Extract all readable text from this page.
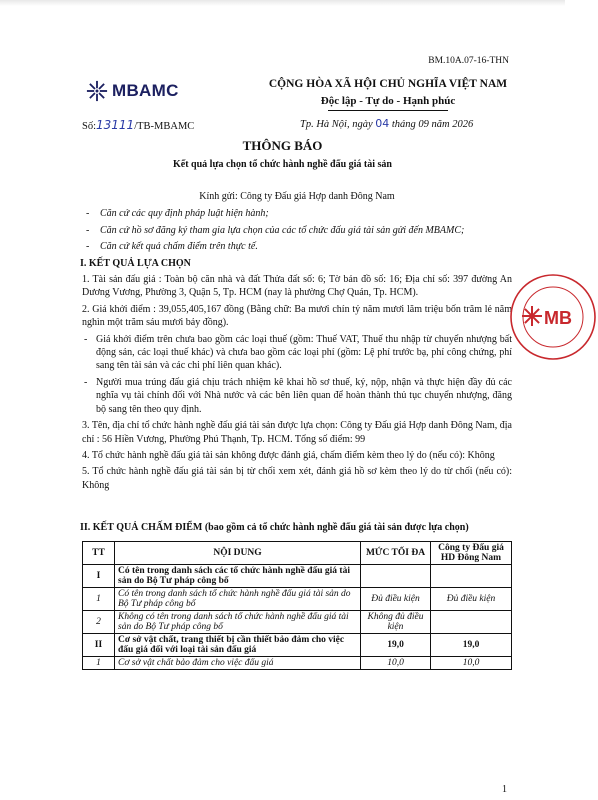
BM.10A.07-16-THN
MBAMC	CỘNG HÒA XÃ HỘI CHỦ NGHĨA VIỆT NAM
Độc lập - Tự do - Hạnh phúc
Số:13111/TB-MBAMC	Tp. Hà Nội, ngày 04 tháng 09 năm 2026
THÔNG BÁO
Kết quả lựa chọn tổ chức hành nghề đấu giá tài sản
Kính gửi: Công ty Đấu giá Hợp danh Đông Nam
- Căn cứ các quy định pháp luật hiện hành;
- Căn cứ hồ sơ đăng ký tham gia lựa chọn của các tổ chức đấu giá tài sản gửi đến MBAMC;
- Căn cứ kết quả chấm điểm trên thực tế.
I. KẾT QUẢ LỰA CHỌN

1. Tài sản đấu giá : Toàn bộ căn nhà và đất Thửa đất số: 6; Tờ bản đồ số: 16; Địa chỉ số: 397 đường An Dương Vương, Phường 3, Quận 5, Tp. HCM (nay là phường Chợ Quán, Tp. HCM).

2. Giá khởi điểm : 39,055,405,167 đồng (Bằng chữ: Ba mươi chín tỷ năm mươi lăm triệu bốn trăm lẻ năm nghìn một trăm sáu mươi bảy đồng).

- Giá khởi điểm trên chưa bao gồm các loại thuế (gồm: Thuế VAT, Thuế thu nhập từ chuyển nhượng bất động sản, các loại thuế khác) và chưa bao gồm các loại phí (gồm: Lệ phí trước bạ, phí công chứng, phí sang tên tài sản và các chi phí liên quan khác).
- Người mua trúng đấu giá chịu trách nhiệm kê khai hồ sơ thuế, ký, nộp, nhận và thực hiện đầy đủ các nghĩa vụ tài chính đối với Nhà nước và các bên liên quan để hoàn thành thủ tục chuyển nhượng, đăng bộ sang tên theo quy định.

3. Tên, địa chỉ tổ chức hành nghề đấu giá tài sản được lựa chọn: Công ty Đấu giá Hợp danh Đông Nam, địa chỉ : 56 Hiền Vương, Phường Phú Thạnh, Tp. HCM. Tổng số điểm: 99

4. Tổ chức hành nghề đấu giá tài sản không được đánh giá, chấm điểm kèm theo lý do (nếu có): Không

5. Tổ chức hành nghề đấu giá tài sản bị từ chối xem xét, đánh giá hồ sơ kèm theo lý do từ chối (nếu có): Không

II. KẾT QUẢ CHẤM ĐIỂM (bao gồm cả tổ chức hành nghề đấu giá tài sản được lựa chọn)
TT	NỘI DUNG	MỨC TỐI ĐA	Công ty Đấu giá HD Đông Nam
I	Có tên trong danh sách các tổ chức hành nghề đấu giá tài sản do Bộ Tư pháp công bố		
1	Có tên trong danh sách tổ chức hành nghề đấu giá tài sản do Bộ Tư pháp công bố	Đủ điều kiện	Đủ điều kiện
2	Không có tên trong danh sách tổ chức hành nghề đấu giá tài sản do Bộ Tư pháp công bố	Không đủ điều kiện	
II	Cơ sở vật chất, trang thiết bị cần thiết bảo đảm cho việc đấu giá đối với loại tài sản đấu giá	19,0	19,0
1	Cơ sở vật chất bảo đảm cho việc đấu giá	10,0	10,0
MB
1
